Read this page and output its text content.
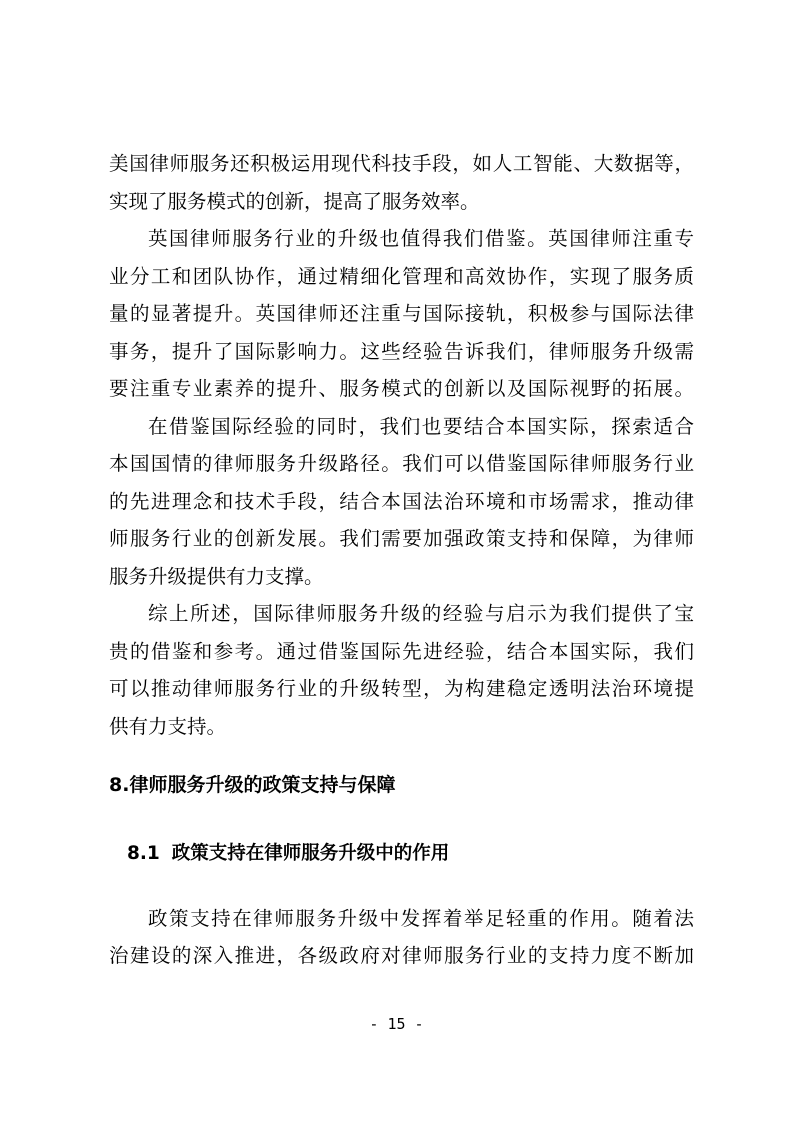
美国律师服务还积极运用现代科技手段，如人工智能、大数据等，
实现了服务模式的创新，提高了服务效率。
英国律师服务行业的升级也值得我们借鉴。英国律师注重专
业分工和团队协作，通过精细化管理和高效协作，实现了服务质
量的显著提升。英国律师还注重与国际接轨，积极参与国际法律
事务，提升了国际影响力。这些经验告诉我们，律师服务升级需
要注重专业素养的提升、服务模式的创新以及国际视野的拓展。
在借鉴国际经验的同时，我们也要结合本国实际，探索适合
本国国情的律师服务升级路径。我们可以借鉴国际律师服务行业
的先进理念和技术手段，结合本国法治环境和市场需求，推动律
师服务行业的创新发展。我们需要加强政策支持和保障，为律师
服务升级提供有力支撑。
综上所述，国际律师服务升级的经验与启示为我们提供了宝
贵的借鉴和参考。通过借鉴国际先进经验，结合本国实际，我们
可以推动律师服务行业的升级转型，为构建稳定透明法治环境提
供有力支持。
8.律师服务升级的政策支持与保障
8.1 政策支持在律师服务升级中的作用
政策支持在律师服务升级中发挥着举足轻重的作用。随着法
治建设的深入推进，各级政府对律师服务行业的支持力度不断加
- 15 -
